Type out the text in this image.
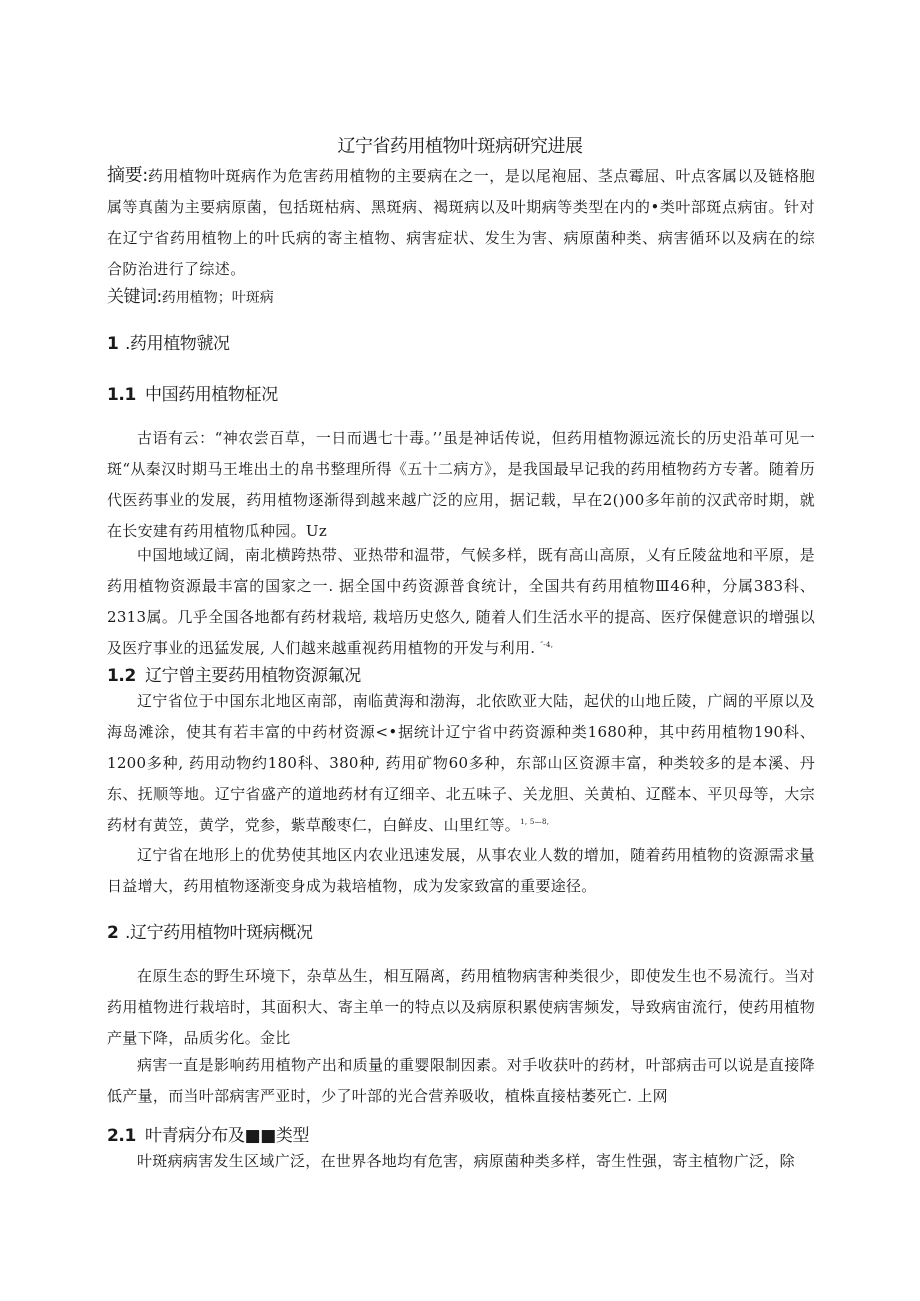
辽宁省药用植物叶斑病研究进展
摘要:药用植物叶斑病作为危害药用植物的主要病在之一，是以尾袍屈、茎点霉屈、叶点客属以及链格胞属等真菌为主要病原菌，包括斑枯病、黑斑病、褐斑病以及叶期病等类型在内的•类叶部斑点病宙。针对在辽宁省药用植物上的叶氏病的寄主植物、病害症状、发生为害、病原菌种类、病害循环以及病在的综合防治进行了综述。
关键词:药用植物；叶斑病
1 .药用植物虢况
1.1 中国药用植物柾况
古语有云：“神农尝百草，一日而遇七十毒。’’虽是神话传说，但药用植物源远流长的历史沿革可见一斑“从秦汉时期马王堆出土的帛书整理所得《五十二病方》，是我国最早记我的药用植物药方专著。随着历代医药事业的发展，药用植物逐渐得到越来越广泛的应用，据记载，早在2()00多年前的汉武帝时期，就在长安建有药用植物瓜种园。Uz
中国地域辽阔，南北横跨热带、亚热带和温带，气候多样，既有高山高原，乂有丘陵盆地和平原，是药用植物资源最丰富的国家之一. 据全国中药资源普食统计，全国共有药用植物Ⅲ46种，分属383科、2313属。几乎全国各地都有药材栽培, 栽培历史悠久, 随着人们生活水平的提高、医疗保健意识的增强以及医疗事业的迅猛发展, 人们越来越重视药用植物的开发与利用. $^{''-4,}$
1.2 辽宁曾主要药用植物资源氟况
辽宁省位于中国东北地区南部，南临黄海和渤海，北依欧亚大陆，起伏的山地丘陵，广阔的平原以及海岛滩涂，使其有若丰富的中药材资源<•据统计辽宁省中药资源种类1680种，其中药用植物190科、1200多种, 药用动物约180科、380种, 药用矿物60多种，东部山区资源丰富，种类较多的是本溪、丹东、抚顺等地。辽宁省盛产的道地药材有辽细辛、北五味子、关龙胆、关黄柏、辽醛本、平贝母等，大宗药材有黄笠，黄学，党参，紫草酸枣仁，白鲜皮、山里红等。$^{1, 5—8,}$
辽宁省在地形上的优势使其地区内农业迅速发展，从事农业人数的增加，随着药用植物的资源需求量日益增大，药用植物逐渐变身成为栽培植物，成为发家致富的重要途径。
2 .辽宁药用植物叶斑病概况
在原生态的野生环境下，杂草丛生，相互隔离，药用植物病害种类很少，即使发生也不易流行。当对药用植物进行栽培时，其面积大、寄主单一的特点以及病原积累使病害频发，导致病宙流行，使药用植物产量下降，品质劣化。金比
病害一直是影响药用植物产出和质量的重婴限制因素。对手收获叶的药材，叶部病击可以说是直接降低产量，而当叶部病害严亚时，少了叶部的光合营养吸收，植株直接枯萎死亡. 上网
2.1 叶青病分布及■■类型
叶斑病病害发生区域广泛，在世界各地均有危害，病原菌种类多样，寄生性强，寄主植物广泛，除
